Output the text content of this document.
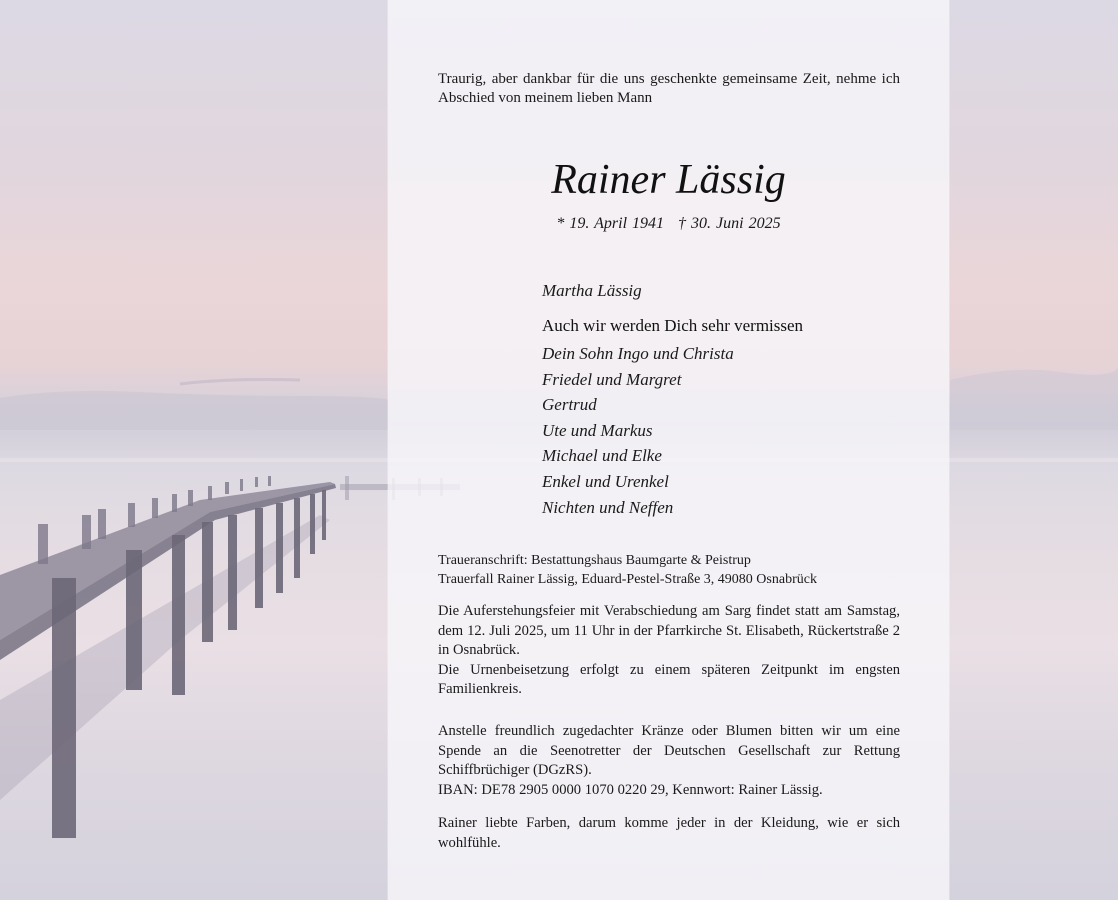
Traurig, aber dankbar für die uns geschenkte gemeinsame Zeit, nehme ich Abschied von meinem lieben Mann
Rainer Lässig
* 19. April 1941 † 30. Juni 2025
Martha Lässig
Auch wir werden Dich sehr vermissen
Dein Sohn Ingo und Christa
Friedel und Margret
Gertrud
Ute und Markus
Michael und Elke
Enkel und Urenkel
Nichten und Neffen

Traueranschrift: Bestattungshaus Baumgarte & Peistrup

Trauerfall Rainer Lässig, Eduard-Pestel-Straße 3, 49080 Osnabrück

Die Auferstehungsfeier mit Verabschiedung am Sarg findet statt am Samstag, dem 12. Juli 2025, um 11 Uhr in der Pfarrkirche St. Elisabeth, Rückertstraße 2 in Osnabrück.

Die Urnenbeisetzung erfolgt zu einem späteren Zeitpunkt im engsten Familienkreis.

Anstelle freundlich zugedachter Kränze oder Blumen bitten wir um eine Spende an die Seenotretter der Deutschen Gesellschaft zur Rettung Schiffbrüchiger (DGzRS).

IBAN: DE78 2905 0000 1070 0220 29, Kennwort: Rainer Lässig.

Rainer liebte Farben, darum komme jeder in der Kleidung, wie er sich wohlfühle.
